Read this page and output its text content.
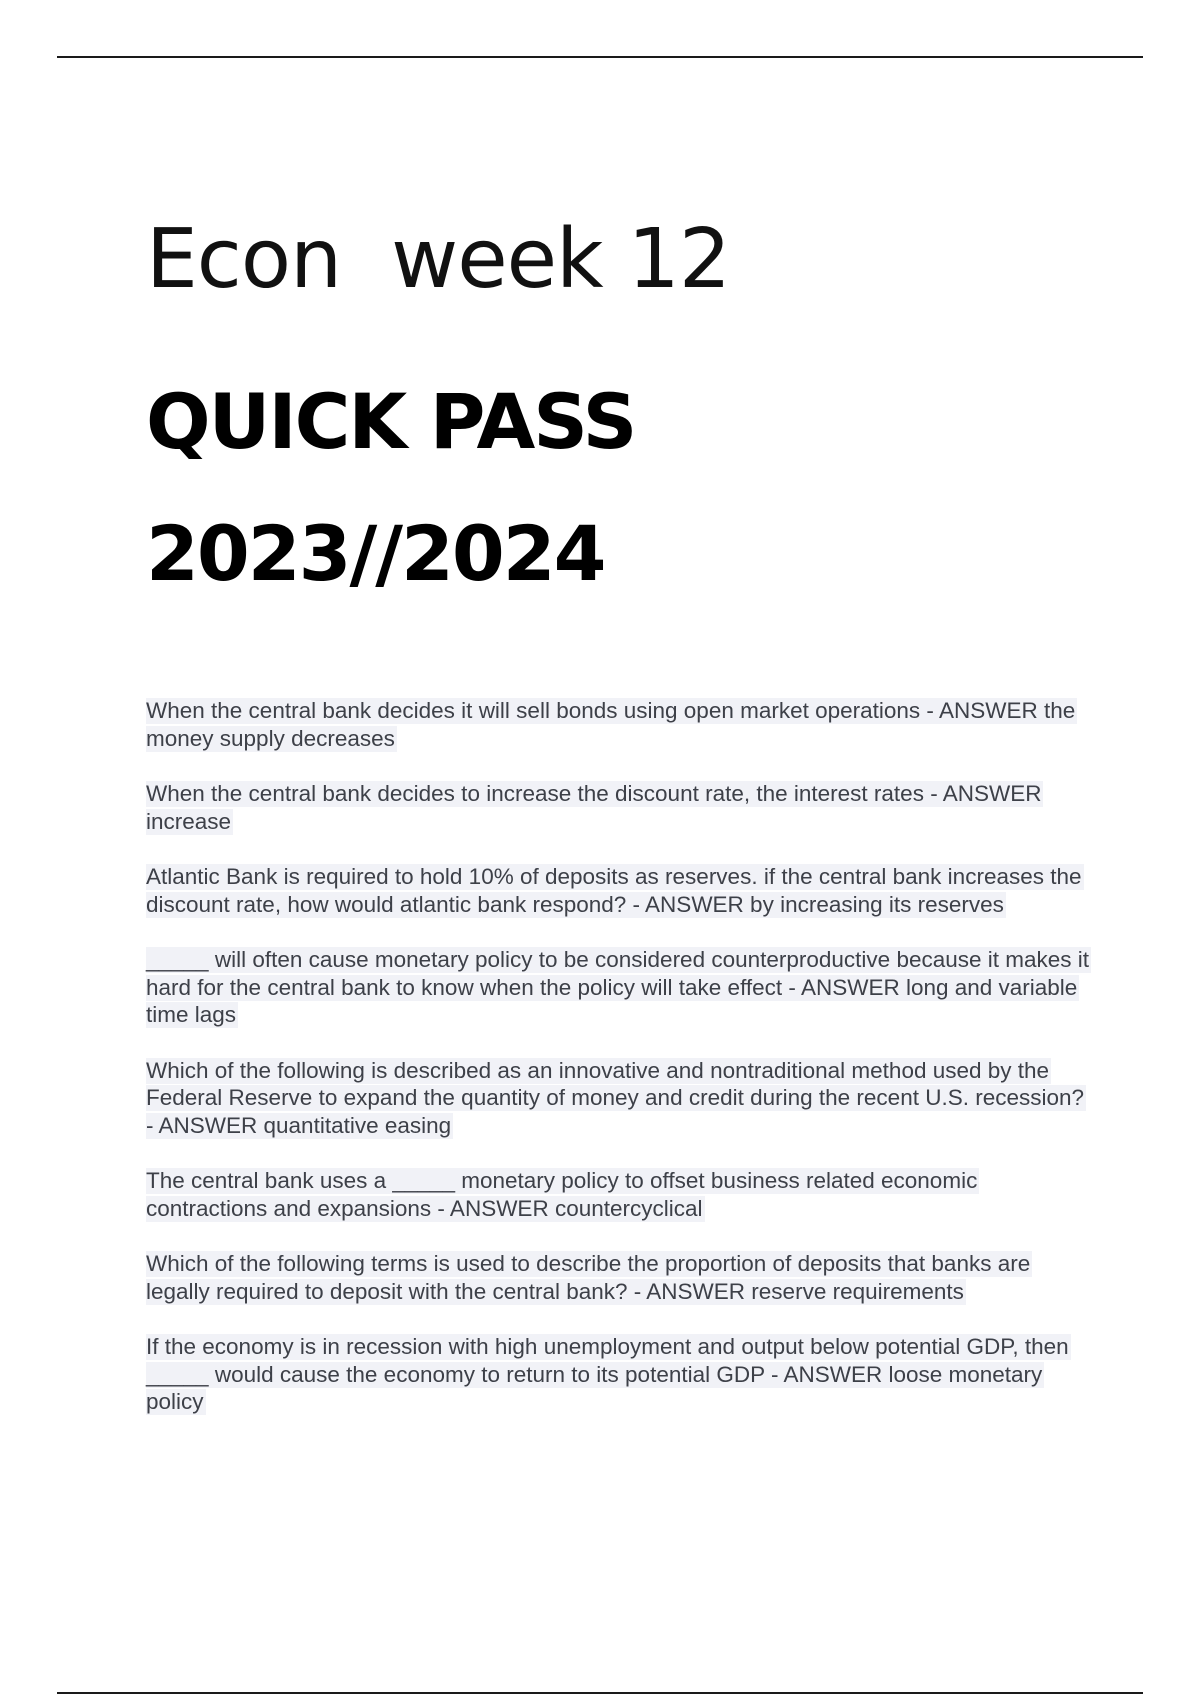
Econ  week 12
QUICK PASS
2023//2024

When the central bank decides it will sell bonds using open market operations - ANSWER the money supply decreases

When the central bank decides to increase the discount rate, the interest rates - ANSWER increase

Atlantic Bank is required to hold 10% of deposits as reserves. if the central bank increases the discount rate, how would atlantic bank respond? - ANSWER by increasing its reserves

_____ will often cause monetary policy to be considered counterproductive because it makes it hard for the central bank to know when the policy will take effect - ANSWER long and variable time lags

Which of the following is described as an innovative and nontraditional method used by the Federal Reserve to expand the quantity of money and credit during the recent U.S. recession? - ANSWER quantitative easing

The central bank uses a _____ monetary policy to offset business related economic contractions and expansions - ANSWER countercyclical

Which of the following terms is used to describe the proportion of deposits that banks are legally required to deposit with the central bank? - ANSWER reserve requirements

If the economy is in recession with high unemployment and output below potential GDP, then _____ would cause the economy to return to its potential GDP - ANSWER loose monetary policy
